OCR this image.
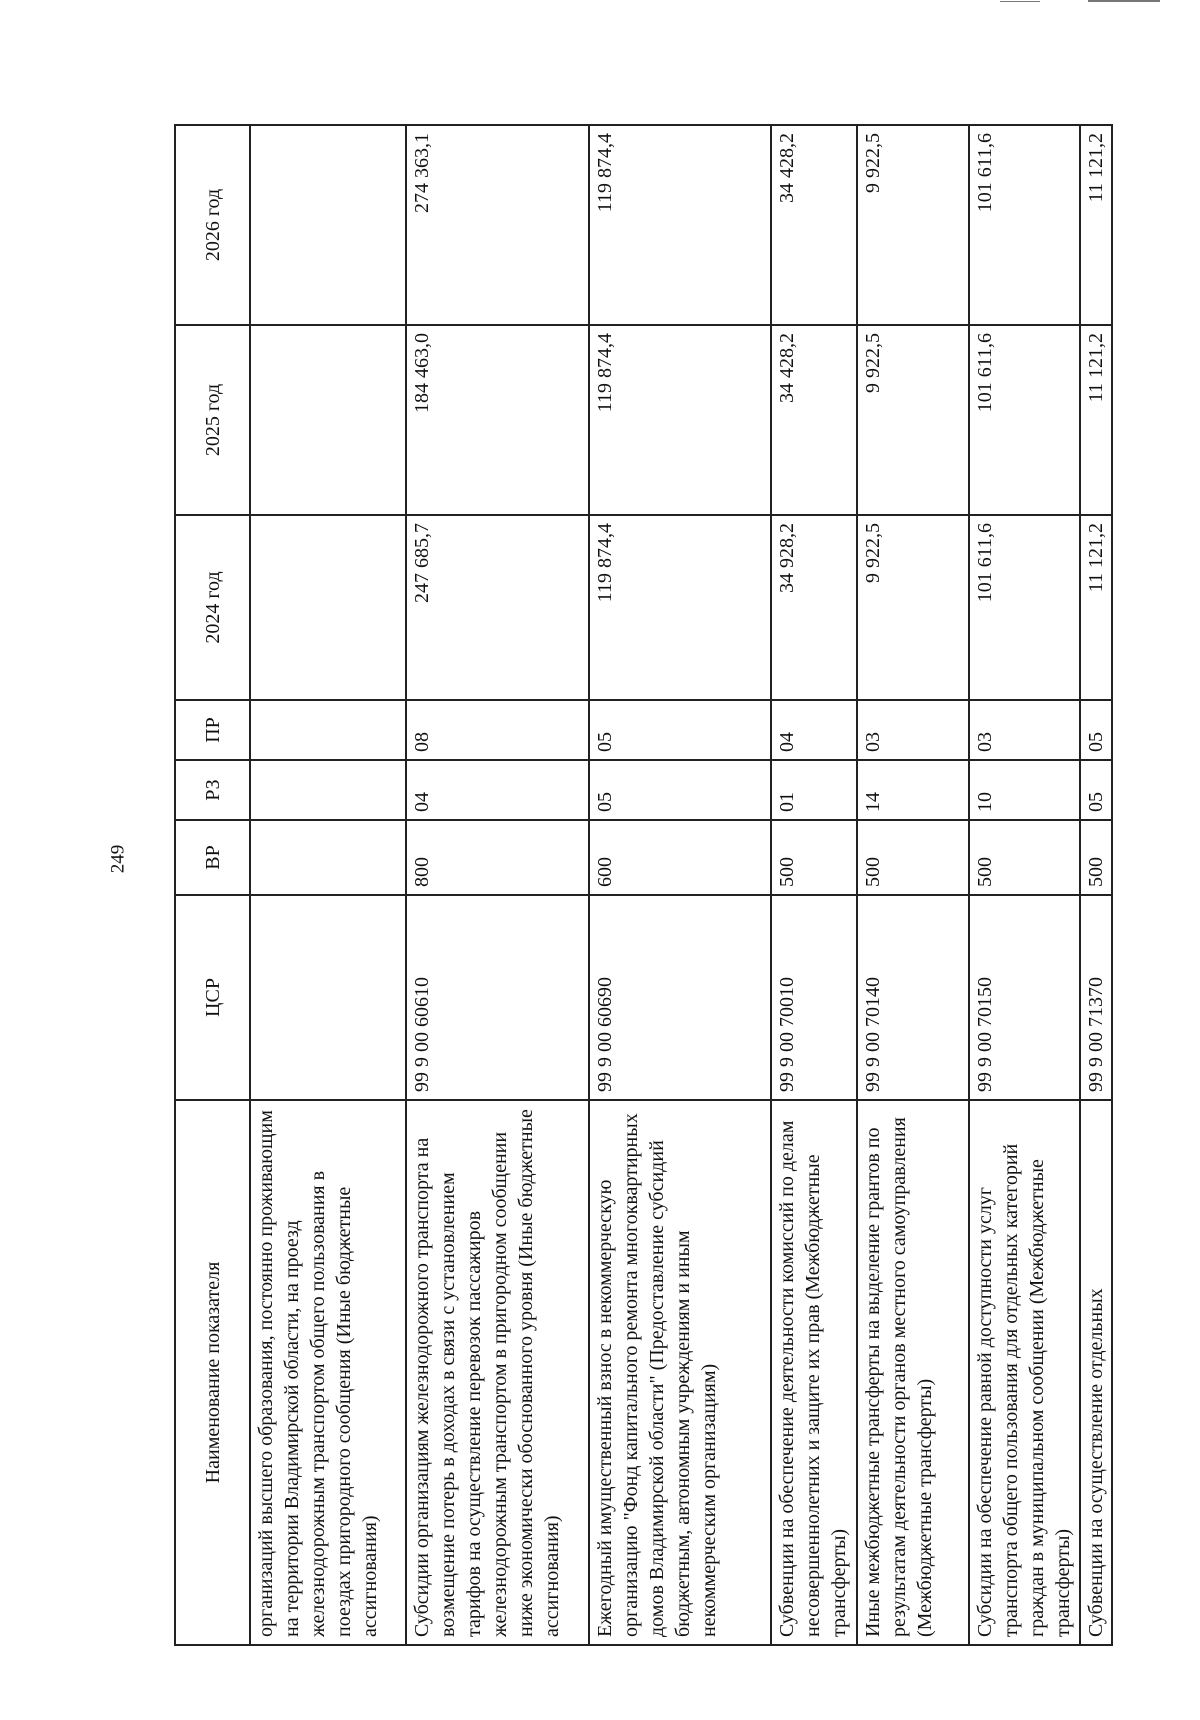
249
Наименование показателя	ЦСР	ВР	РЗ	ПР	2024 год	2025 год	2026 год
организаций высшего образования, постоянно проживающим на территории Владимирской области, на проезд железнодорожным транспортом общего пользования в поездах пригородного сообщения (Иные бюджетные ассигнования)							
Субсидии организациям железнодорожного транспорта на возмещение потерь в доходах в связи с установлением тарифов на осуществление перевозок пассажиров железнодорожным транспортом в пригородном сообщении ниже экономически обоснованного уровня (Иные бюджетные ассигнования)	99 9 00 60610	800	04	08	247 685,7	184 463,0	274 363,1
Ежегодный имущественный взнос в некоммерческую организацию "Фонд капитального ремонта многоквартирных домов Владимирской области" (Предоставление субсидий бюджетным, автономным учреждениям и иным некоммерческим организациям)	99 9 00 60690	600	05	05	119 874,4	119 874,4	119 874,4
Субвенции на обеспечение деятельности комиссий по делам несовершеннолетних и защите их прав (Межбюджетные трансферты)	99 9 00 70010	500	01	04	34 928,2	34 428,2	34 428,2
Иные межбюджетные трансферты на выделение грантов по результатам деятельности органов местного самоуправления (Межбюджетные трансферты)	99 9 00 70140	500	14	03	9 922,5	9 922,5	9 922,5
Субсидии на обеспечение равной доступности услуг транспорта общего пользования для отдельных категорий граждан в муниципальном сообщении (Межбюджетные трансферты)	99 9 00 70150	500	10	03	101 611,6	101 611,6	101 611,6
Субвенции на осуществление отдельных	99 9 00 71370	500	05	05	11 121,2	11 121,2	11 121,2
